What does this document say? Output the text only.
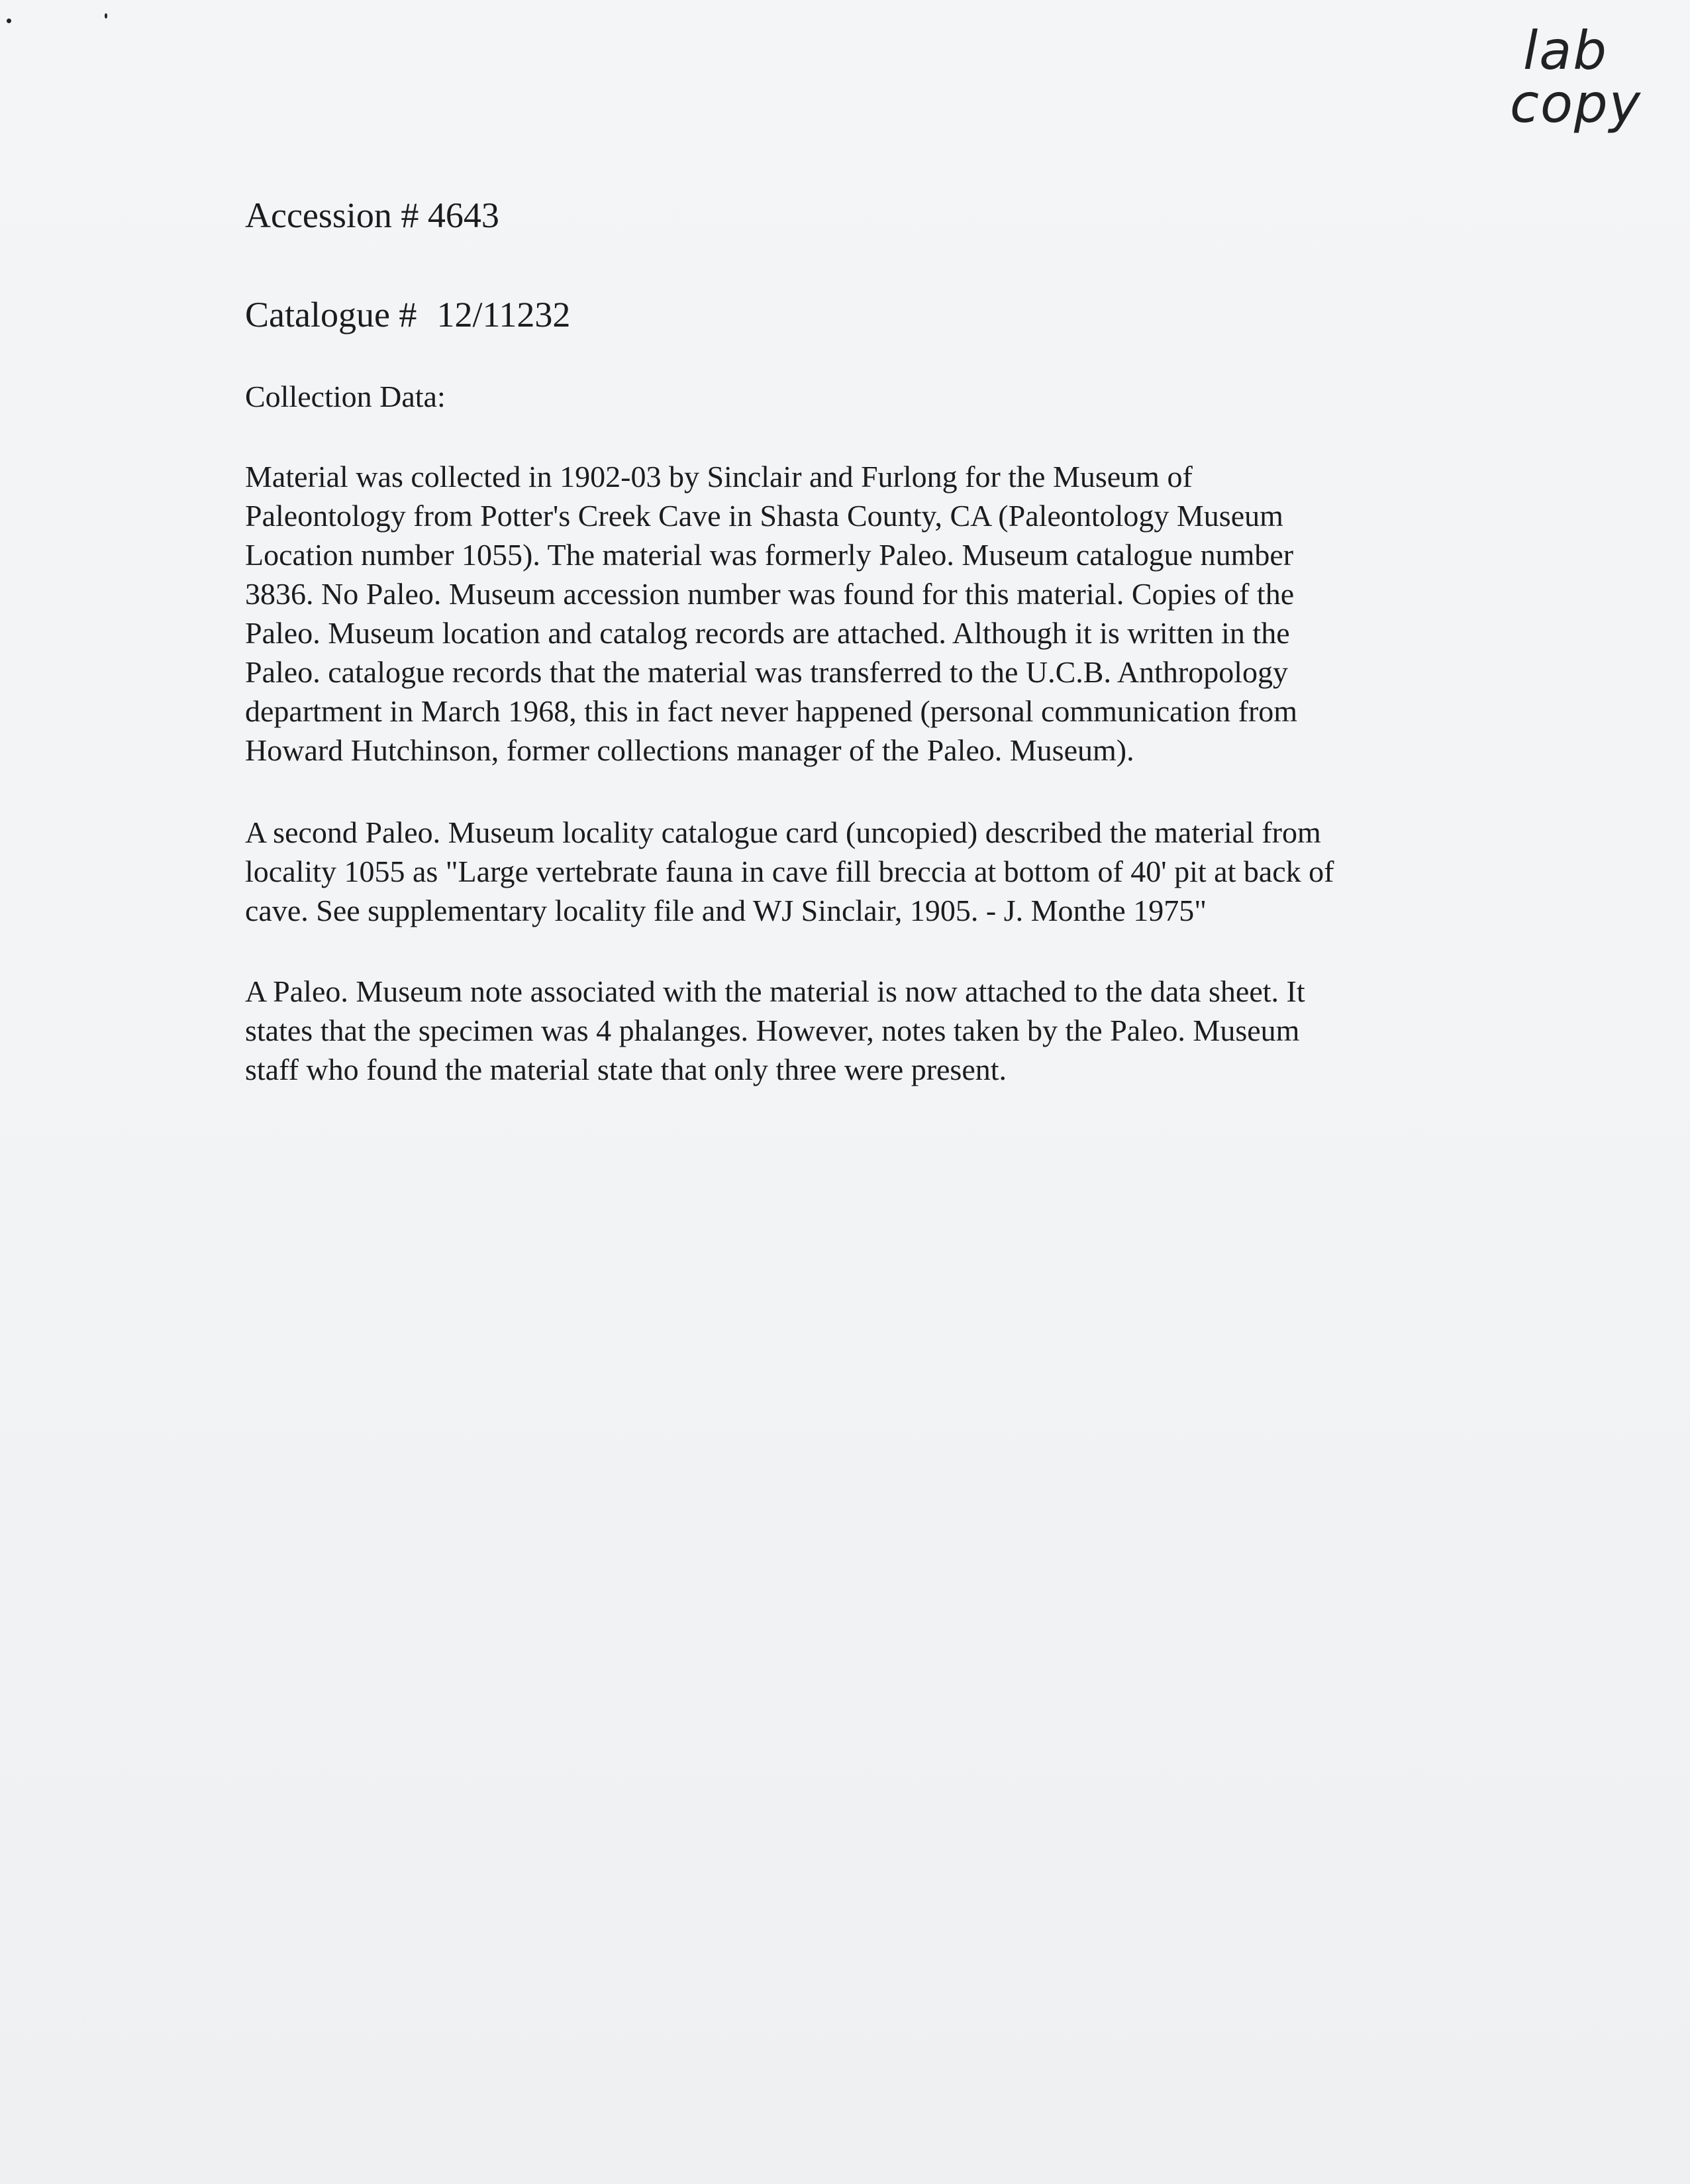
lab
copy
Accession # 4643
Catalogue # 12/11232
Collection Data:
Material was collected in 1902-03 by Sinclair and Furlong for the Museum of
Paleontology from Potter's Creek Cave in Shasta County, CA (Paleontology Museum
Location number 1055). The material was formerly Paleo. Museum catalogue number
3836. No Paleo. Museum accession number was found for this material. Copies of the
Paleo. Museum location and catalog records are attached. Although it is written in the
Paleo. catalogue records that the material was transferred to the U.C.B. Anthropology
department in March 1968, this in fact never happened (personal communication from
Howard Hutchinson, former collections manager of the Paleo. Museum).
A second Paleo. Museum locality catalogue card (uncopied) described the material from
locality 1055 as "Large vertebrate fauna in cave fill breccia at bottom of 40' pit at back of
cave. See supplementary locality file and WJ Sinclair, 1905. - J. Monthe 1975"
A Paleo. Museum note associated with the material is now attached to the data sheet. It
states that the specimen was 4 phalanges. However, notes taken by the Paleo. Museum
staff who found the material state that only three were present.
